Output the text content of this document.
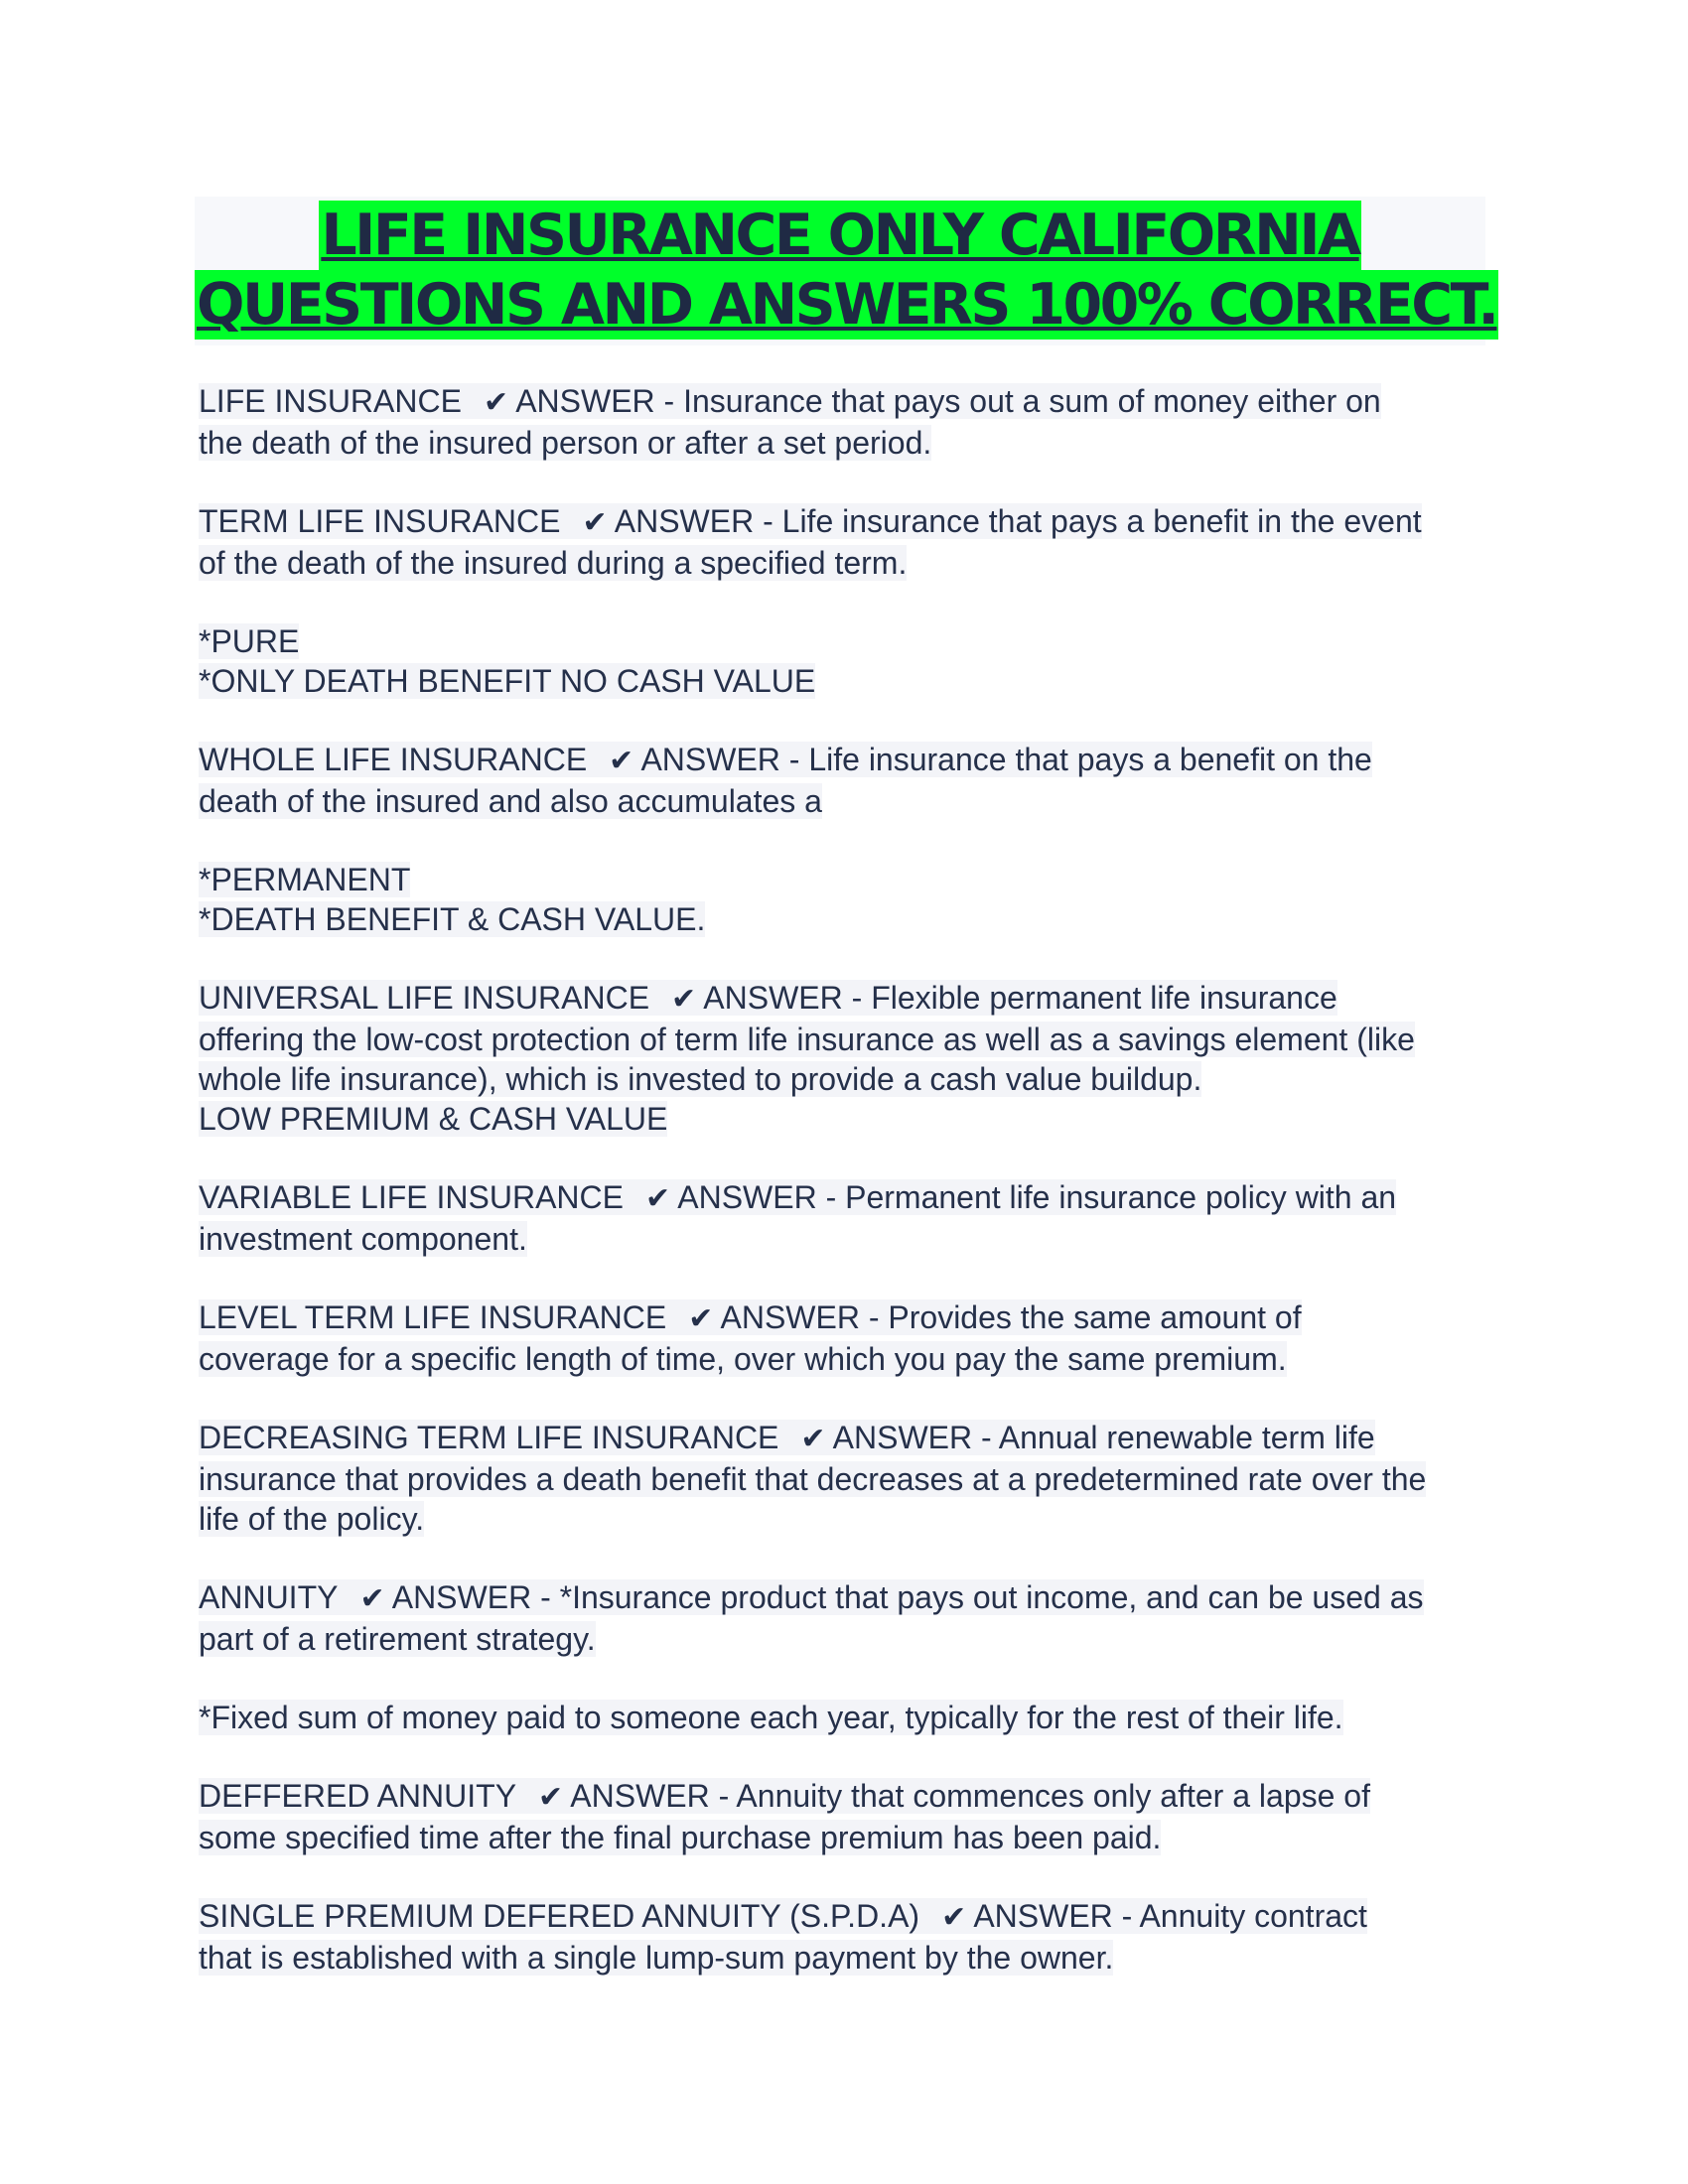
LIFE INSURANCE ONLY CALIFORNIA
QUESTIONS AND ANSWERS 100% CORRECT.

LIFE INSURANCE ✔ ANSWER - Insurance that pays out a sum of money either on

the death of the insured person or after a set period.

TERM LIFE INSURANCE ✔ ANSWER - Life insurance that pays a benefit in the event

of the death of the insured during a specified term.

*PURE

*ONLY DEATH BENEFIT NO CASH VALUE

WHOLE LIFE INSURANCE ✔ ANSWER - Life insurance that pays a benefit on the

death of the insured and also accumulates a

*PERMANENT

*DEATH BENEFIT & CASH VALUE.

UNIVERSAL LIFE INSURANCE ✔ ANSWER - Flexible permanent life insurance

offering the low-cost protection of term life insurance as well as a savings element (like

whole life insurance), which is invested to provide a cash value buildup.

LOW PREMIUM & CASH VALUE

VARIABLE LIFE INSURANCE ✔ ANSWER - Permanent life insurance policy with an

investment component.

LEVEL TERM LIFE INSURANCE ✔ ANSWER - Provides the same amount of

coverage for a specific length of time, over which you pay the same premium.

DECREASING TERM LIFE INSURANCE ✔ ANSWER - Annual renewable term life

insurance that provides a death benefit that decreases at a predetermined rate over the

life of the policy.

ANNUITY ✔ ANSWER - *Insurance product that pays out income, and can be used as

part of a retirement strategy.

*Fixed sum of money paid to someone each year, typically for the rest of their life.

DEFFERED ANNUITY ✔ ANSWER - Annuity that commences only after a lapse of

some specified time after the final purchase premium has been paid.

SINGLE PREMIUM DEFERED ANNUITY (S.P.D.A) ✔ ANSWER - Annuity contract

that is established with a single lump-sum payment by the owner.
